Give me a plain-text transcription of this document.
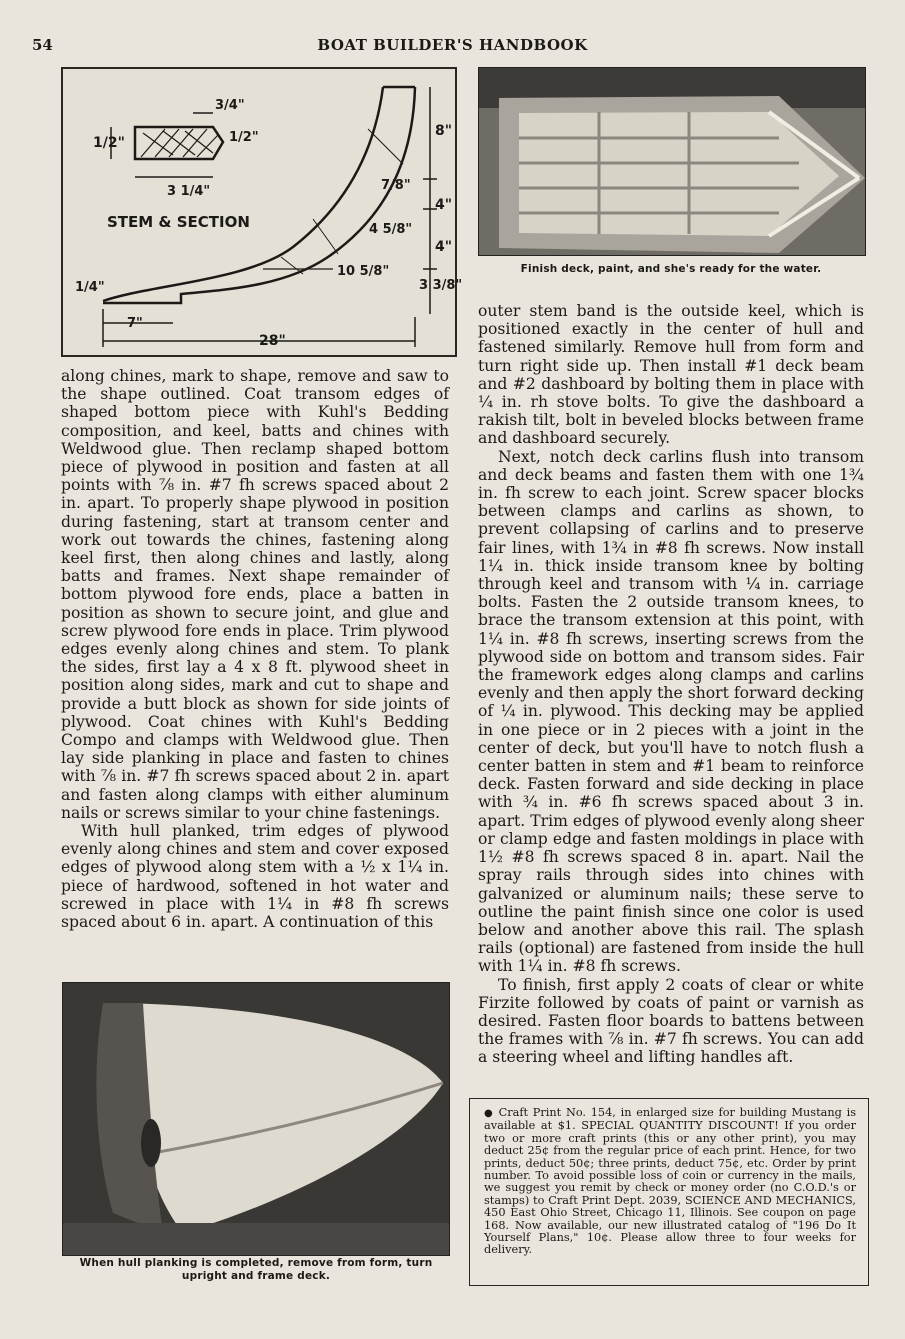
54	BOAT BUILDER'S HANDBOOK
1/2"	1/2"
3/4"
3 1/4"
STEM & SECTION
8"
7/8"
4"
4 5/8"
4"
10 5/8"
3 3/8"
1/4"
7"
28"
Finish deck, paint, and she's ready for the water.
When hull planking is completed, remove from form, turn upright and frame deck.

along chines, mark to shape, remove and saw to the shape outlined. Coat transom edges of shaped bottom piece with Kuhl's Bedding composition, and keel, batts and chines with Weldwood glue. Then reclamp shaped bottom piece of plywood in position and fasten at all points with ⅞ in. #7 fh screws spaced about 2 in. apart. To properly shape plywood in position during fastening, start at transom center and work out towards the chines, fastening along keel first, then along chines and lastly, along batts and frames. Next shape remainder of bottom plywood fore ends, place a batten in position as shown to secure joint, and glue and screw plywood fore ends in place. Trim plywood edges evenly along chines and stem. To plank the sides, first lay a 4 x 8 ft. plywood sheet in position along sides, mark and cut to shape and provide a butt block as shown for side joints of plywood. Coat chines with Kuhl's Bedding Compo and clamps with Weldwood glue. Then lay side planking in place and fasten to chines with ⅞ in. #7 fh screws spaced about 2 in. apart and fasten along clamps with either aluminum nails or screws similar to your chine fastenings.

With hull planked, trim edges of plywood evenly along chines and stem and cover exposed edges of plywood along stem with a ½ x 1¼ in. piece of hardwood, softened in hot water and screwed in place with 1¼ in #8 fh screws spaced about 6 in. apart. A continuation of this

outer stem band is the outside keel, which is positioned exactly in the center of hull and fastened similarly. Remove hull from form and turn right side up. Then install #1 deck beam and #2 dashboard by bolting them in place with ¼ in. rh stove bolts. To give the dashboard a rakish tilt, bolt in beveled blocks between frame and dashboard securely.

Next, notch deck carlins flush into transom and deck beams and fasten them with one 1¾ in. fh screw to each joint. Screw spacer blocks between clamps and carlins as shown, to prevent collapsing of carlins and to preserve fair lines, with 1¾ in #8 fh screws. Now install 1¼ in. thick inside transom knee by bolting through keel and transom with ¼ in. carriage bolts. Fasten the 2 outside transom knees, to brace the transom extension at this point, with 1¼ in. #8 fh screws, inserting screws from the plywood side on bottom and transom sides. Fair the framework edges along clamps and carlins evenly and then apply the short forward decking of ¼ in. plywood. This decking may be applied in one piece or in 2 pieces with a joint in the center of deck, but you'll have to notch flush a center batten in stem and #1 beam to reinforce deck. Fasten forward and side decking in place with ¾ in. #6 fh screws spaced about 3 in. apart. Trim edges of plywood evenly along sheer or clamp edge and fasten moldings in place with 1½ #8 fh screws spaced 8 in. apart. Nail the spray rails through sides into chines with galvanized or aluminum nails; these serve to outline the paint finish since one color is used below and another above this rail. The splash rails (optional) are fastened from inside the hull with 1¼ in. #8 fh screws.

To finish, first apply 2 coats of clear or white Firzite followed by coats of paint or varnish as desired. Fasten floor boards to battens between the frames with ⅞ in. #7 fh screws. You can add a steering wheel and lifting handles aft.

● Craft Print No. 154, in enlarged size for building Mustang is available at $1. SPECIAL QUANTITY DISCOUNT! If you order two or more craft prints (this or any other print), you may deduct 25¢ from the regular price of each print. Hence, for two prints, deduct 50¢; three prints, deduct 75¢, etc. Order by print number. To avoid possible loss of coin or currency in the mails, we suggest you remit by check or money order (no C.O.D.'s or stamps) to Craft Print Dept. 2039, SCIENCE AND MECHANICS, 450 East Ohio Street, Chicago 11, Illinois. See coupon on page 168. Now available, our new illustrated catalog of "196 Do It Yourself Plans," 10¢. Please allow three to four weeks for delivery.
